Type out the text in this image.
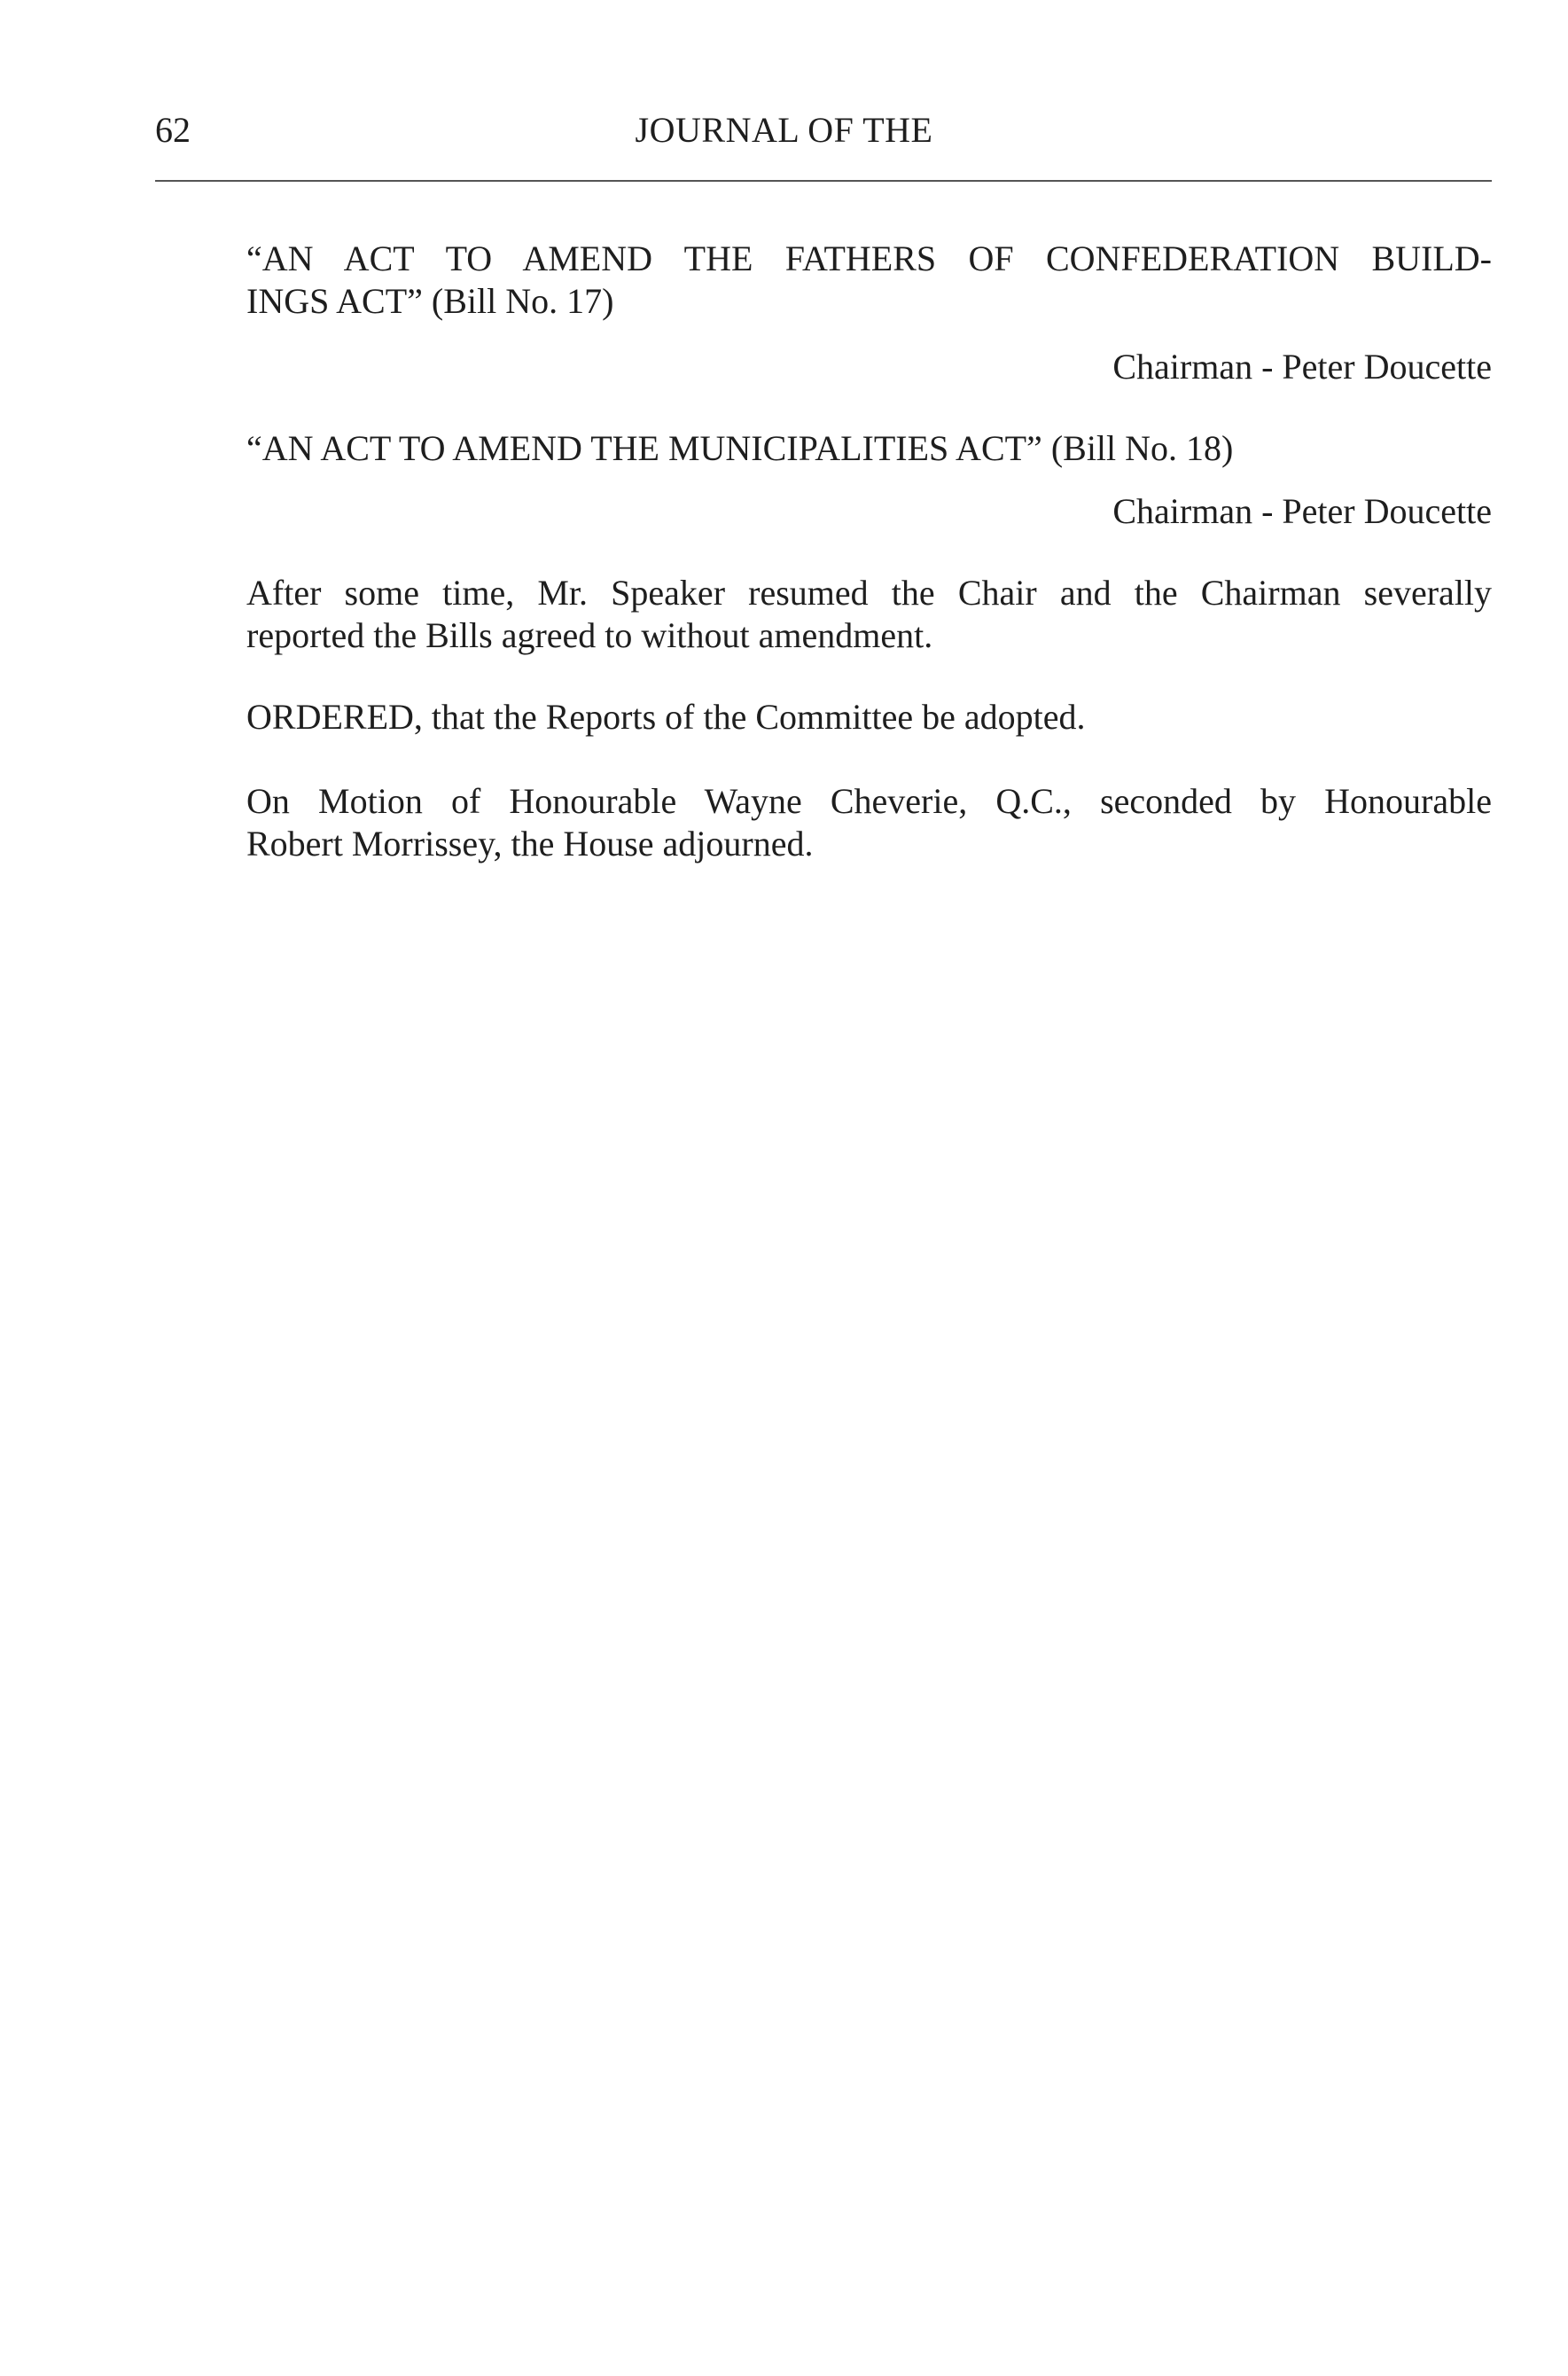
62	JOURNAL OF THE
“AN ACT TO AMEND THE FATHERS OF CONFEDERATION BUILD-
INGS ACT” (Bill No. 17)
Chairman - Peter Doucette
“AN ACT TO AMEND THE MUNICIPALITIES ACT” (Bill No. 18)
Chairman - Peter Doucette
After some time, Mr. Speaker resumed the Chair and the Chairman severally
reported the Bills agreed to without amendment.
ORDERED, that the Reports of the Committee be adopted.
On Motion of Honourable Wayne Cheverie, Q.C., seconded by Honourable
Robert Morrissey, the House adjourned.
